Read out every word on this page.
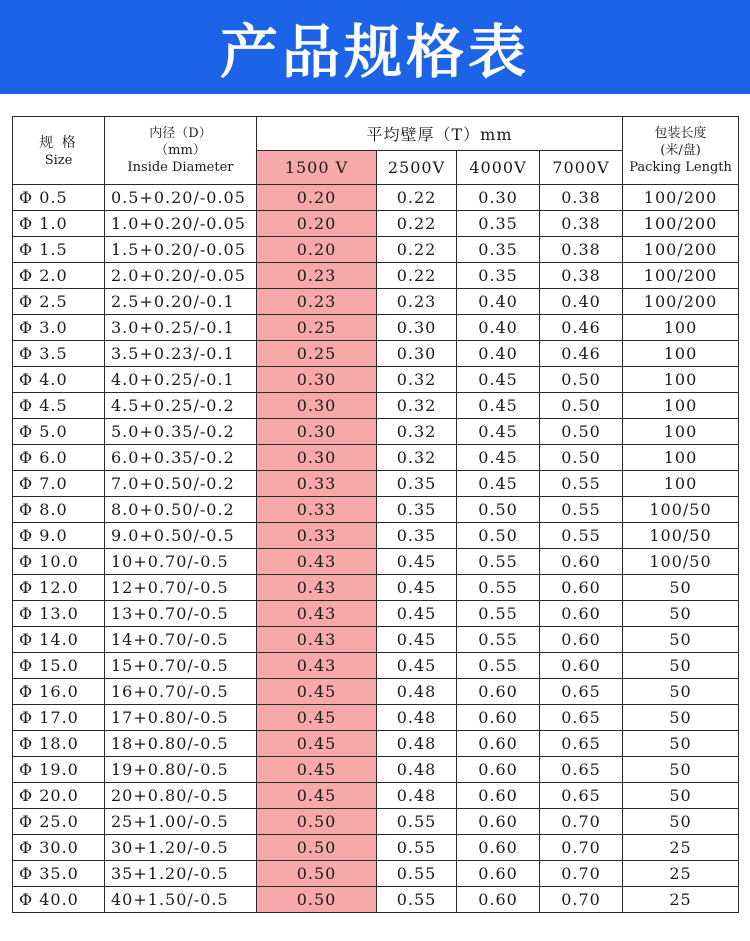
产品规格表
规 格
Size	内径（D）
（mm）
Inside Diameter	平均壁厚（T）mm				包装长度
(米/盘)
Packing Length

		1500 V	2500V	4000V	7000V	
Φ 0.5	0.5+0.20/-0.05	0.20	0.22	0.30	0.38	100/200
Φ 1.0	1.0+0.20/-0.05	0.20	0.22	0.35	0.38	100/200
Φ 1.5	1.5+0.20/-0.05	0.20	0.22	0.35	0.38	100/200
Φ 2.0	2.0+0.20/-0.05	0.23	0.22	0.35	0.38	100/200
Φ 2.5	2.5+0.20/-0.1	0.23	0.23	0.40	0.40	100/200
Φ 3.0	3.0+0.25/-0.1	0.25	0.30	0.40	0.46	100
Φ 3.5	3.5+0.23/-0.1	0.25	0.30	0.40	0.46	100
Φ 4.0	4.0+0.25/-0.1	0.30	0.32	0.45	0.50	100
Φ 4.5	4.5+0.25/-0.2	0.30	0.32	0.45	0.50	100
Φ 5.0	5.0+0.35/-0.2	0.30	0.32	0.45	0.50	100
Φ 6.0	6.0+0.35/-0.2	0.30	0.32	0.45	0.50	100
Φ 7.0	7.0+0.50/-0.2	0.33	0.35	0.45	0.55	100
Φ 8.0	8.0+0.50/-0.2	0.33	0.35	0.50	0.55	100/50
Φ 9.0	9.0+0.50/-0.5	0.33	0.35	0.50	0.55	100/50
Φ 10.0	10+0.70/-0.5	0.43	0.45	0.55	0.60	100/50
Φ 12.0	12+0.70/-0.5	0.43	0.45	0.55	0.60	50
Φ 13.0	13+0.70/-0.5	0.43	0.45	0.55	0.60	50
Φ 14.0	14+0.70/-0.5	0.43	0.45	0.55	0.60	50
Φ 15.0	15+0.70/-0.5	0.43	0.45	0.55	0.60	50
Φ 16.0	16+0.70/-0.5	0.45	0.48	0.60	0.65	50
Φ 17.0	17+0.80/-0.5	0.45	0.48	0.60	0.65	50
Φ 18.0	18+0.80/-0.5	0.45	0.48	0.60	0.65	50
Φ 19.0	19+0.80/-0.5	0.45	0.48	0.60	0.65	50
Φ 20.0	20+0.80/-0.5	0.45	0.48	0.60	0.65	50
Φ 25.0	25+1.00/-0.5	0.50	0.55	0.60	0.70	50
Φ 30.0	30+1.20/-0.5	0.50	0.55	0.60	0.70	25
Φ 35.0	35+1.20/-0.5	0.50	0.55	0.60	0.70	25
Φ 40.0	40+1.50/-0.5	0.50	0.55	0.60	0.70	25
